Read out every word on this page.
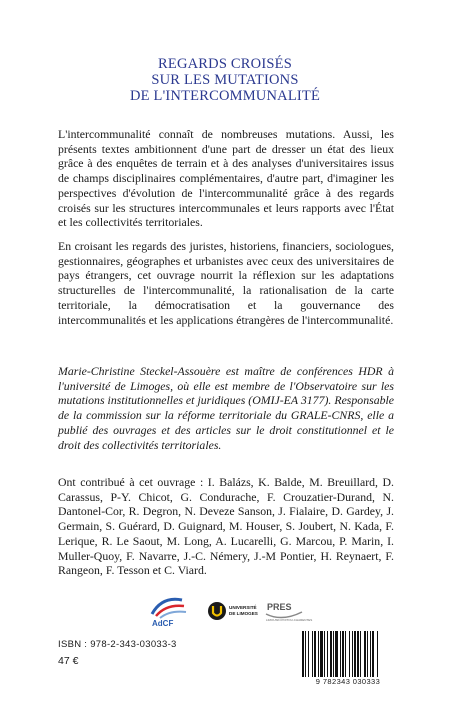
REGARDS CROISÉS
SUR LES MUTATIONS
DE L'INTERCOMMUNALITÉ

L'intercommunalité connaît de nombreuses mutations. Aussi, les présents textes ambitionnent d'une part de dresser un état des lieux grâce à des enquêtes de terrain et à des analyses d'universitaires issus de champs disciplinaires complémentaires, d'autre part, d'imaginer les perspectives d'évolution de l'intercommunalité grâce à des regards croisés sur les structures intercommunales et leurs rapports avec l'État et les collectivités territoriales.

En croisant les regards des juristes, historiens, financiers, sociologues, gestionnaires, géographes et urbanistes avec ceux des universitaires de pays étrangers, cet ouvrage nourrit la réflexion sur les adaptations structurelles de l'intercommunalité, la rationalisation de la carte territoriale, la démocratisation et la gouvernance des intercommunalités et les applications étrangères de l'intercommunalité.

Marie-Christine Steckel-Assouère est maître de conférences HDR à l'université de Limoges, où elle est membre de l'Observatoire sur les mutations institutionnelles et juridiques (OMIJ-EA 3177). Responsable de la commission sur la réforme territoriale du GRALE-CNRS, elle a publié des ouvrages et des articles sur le droit constitutionnel et le droit des collectivités territoriales.

Ont contribué à cet ouvrage : I. Balázs, K. Balde, M. Breuillard, D. Carassus, P-Y. Chicot, G. Condurache, F. Crouzatier-Durand, N. Dantonel-Cor, R. Degron, N. Deveze Sanson, J. Fialaire, D. Gardey, J. Germain, S. Guérard, D. Guignard, M. Houser, S. Joubert, N. Kada, F. Lerique, R. Le Saout, M. Long, A. Lucarelli, G. Marcou, P. Marin, I. Muller-Quoy, F. Navarre, J.-C. Némery, J.-M Pontier, H. Reynaert, F. Rangeon, F. Tesson et C. Viard.

AdCF
UNIVERSITÉ
DE LIMOGES
PRES
LIMOUSIN POITOU-CHARENTES
ISBN : 978-2-343-03033-3
47 €
9 782343 030333
